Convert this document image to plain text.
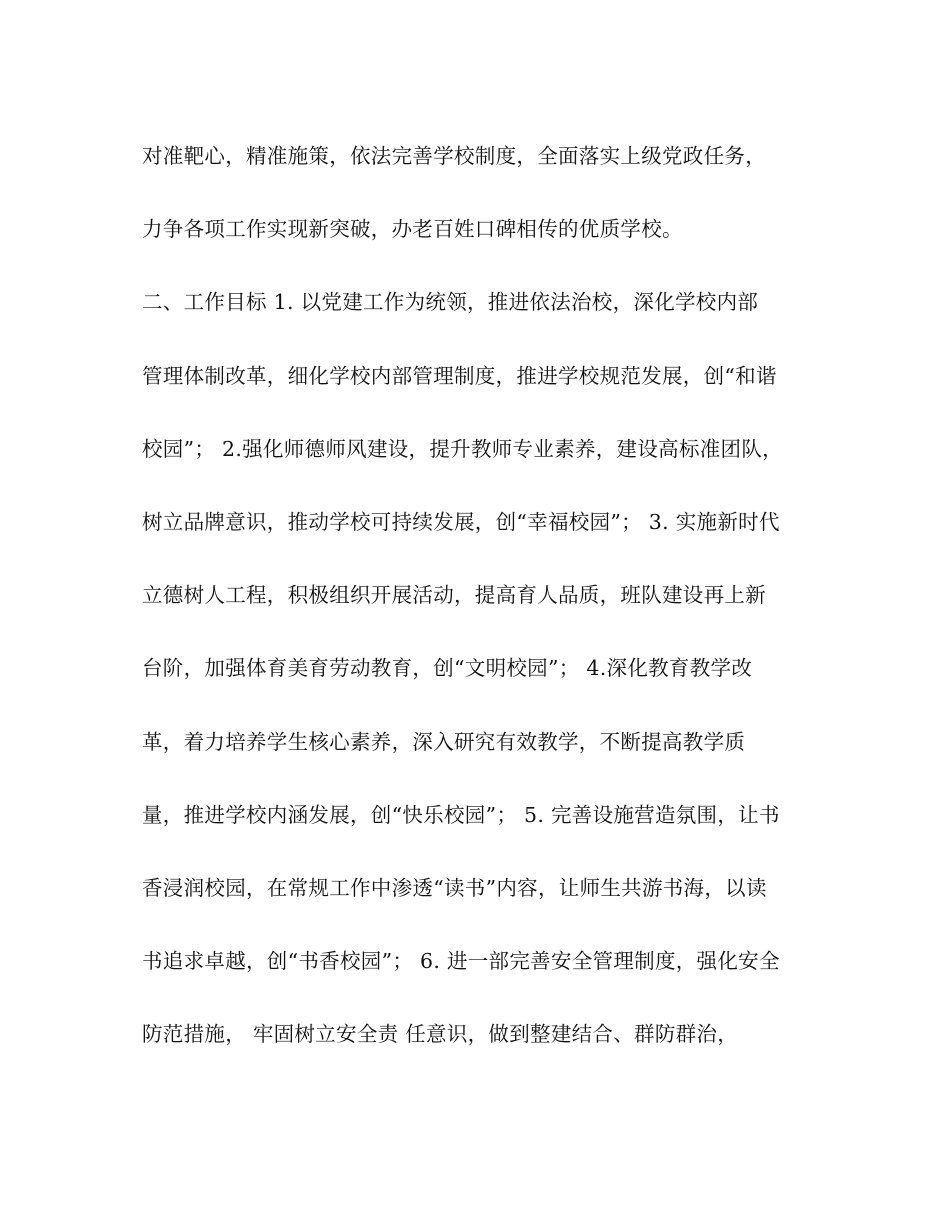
对准靶心，精准施策，依法完善学校制度，全面落实上级党政任务，
力争各项工作实现新突破，办老百姓口碑相传的优质学校。
二、工作目标 1. 以党建工作为统领，推进依法治校，深化学校内部
管理体制改革，细化学校内部管理制度，推进学校规范发展，创“和谐
校园”； 2.强化师德师风建设，提升教师专业素养，建设高标准团队，
树立品牌意识，推动学校可持续发展，创“幸福校园”； 3. 实施新时代
立德树人工程，积极组织开展活动，提高育人品质，班队建设再上新
台阶，加强体育美育劳动教育，创“文明校园”； 4.深化教育教学改
革，着力培养学生核心素养，深入研究有效教学，不断提高教学质
量，推进学校内涵发展，创“快乐校园”； 5. 完善设施营造氛围，让书
香浸润校园，在常规工作中渗透“读书”内容，让师生共游书海，以读
书追求卓越，创“书香校园”； 6. 进一部完善安全管理制度，强化安全
防范措施， 牢固树立安全责 任意识，做到整建结合、群防群治，
